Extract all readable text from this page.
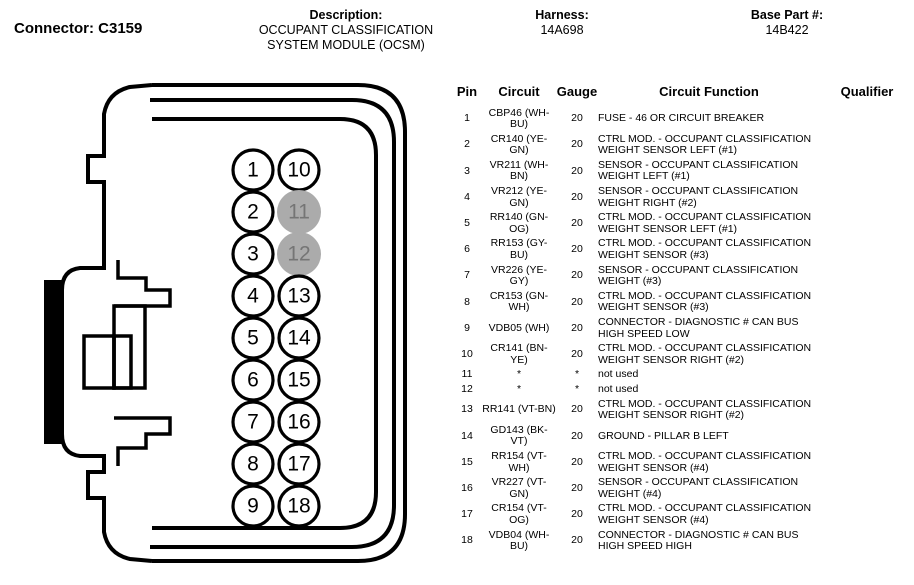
Connector: C3159
Description:
OCCUPANT CLASSIFICATION
SYSTEM MODULE (OCSM)
Harness:
14A698
Base Part #:
14B422
1
2
3
4
5
6
7
8
9
10
11
12
13
14
15
16
17
18
Pin	Circuit	Gauge	Circuit Function	Qualifier
1	CBP46 (WH-BU)	20	FUSE - 46 OR CIRCUIT BREAKER	
2	CR140 (YE-GN)	20	CTRL MOD. - OCCUPANT CLASSIFICATION WEIGHT SENSOR LEFT (#1)	
3	VR211 (WH-BN)	20	SENSOR - OCCUPANT CLASSIFICATION WEIGHT LEFT (#1)	
4	VR212 (YE-GN)	20	SENSOR - OCCUPANT CLASSIFICATION WEIGHT RIGHT (#2)	
5	RR140 (GN-OG)	20	CTRL MOD. - OCCUPANT CLASSIFICATION WEIGHT SENSOR LEFT (#1)	
6	RR153 (GY-BU)	20	CTRL MOD. - OCCUPANT CLASSIFICATION WEIGHT SENSOR (#3)	
7	VR226 (YE-GY)	20	SENSOR - OCCUPANT CLASSIFICATION WEIGHT (#3)	
8	CR153 (GN-WH)	20	CTRL MOD. - OCCUPANT CLASSIFICATION WEIGHT SENSOR (#3)	
9	VDB05 (WH)	20	CONNECTOR - DIAGNOSTIC # CAN BUS HIGH SPEED LOW	
10	CR141 (BN-YE)	20	CTRL MOD. - OCCUPANT CLASSIFICATION WEIGHT SENSOR RIGHT (#2)	
11	*	*	not used	
12	*	*	not used	
13	RR141 (VT-BN)	20	CTRL MOD. - OCCUPANT CLASSIFICATION WEIGHT SENSOR RIGHT (#2)	
14	GD143 (BK-VT)	20	GROUND - PILLAR B LEFT	
15	RR154 (VT-WH)	20	CTRL MOD. - OCCUPANT CLASSIFICATION WEIGHT SENSOR (#4)	
16	VR227 (VT-GN)	20	SENSOR - OCCUPANT CLASSIFICATION WEIGHT (#4)	
17	CR154 (VT-OG)	20	CTRL MOD. - OCCUPANT CLASSIFICATION WEIGHT SENSOR (#4)	
18	VDB04 (WH-BU)	20	CONNECTOR - DIAGNOSTIC # CAN BUS HIGH SPEED HIGH	
